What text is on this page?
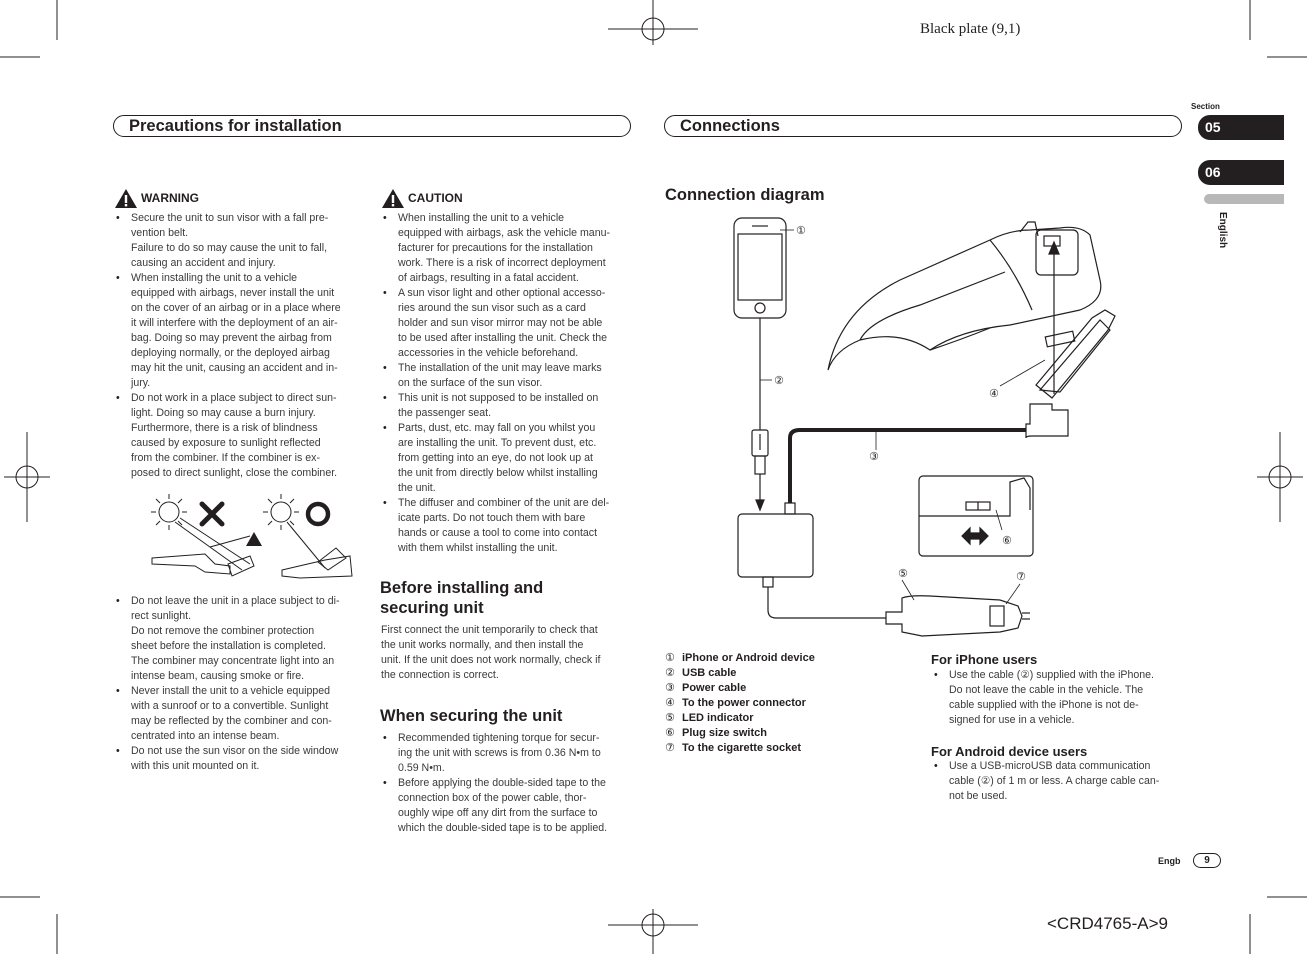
Black plate (9,1)
<CRD4765-A>9
Precautions for installation	Connections
Section
05
06
English
WARNING
• Secure the unit to sun visor with a fall pre-
vention belt.
Failure to do so may cause the unit to fall,
causing an accident and injury.
• When installing the unit to a vehicle
equipped with airbags, never install the unit
on the cover of an airbag or in a place where
it will interfere with the deployment of an air-
bag. Doing so may prevent the airbag from
deploying normally, or the deployed airbag
may hit the unit, causing an accident and in-
jury.
• Do not work in a place subject to direct sun-
light. Doing so may cause a burn injury.
Furthermore, there is a risk of blindness
caused by exposure to sunlight reflected
from the combiner. If the combiner is ex-
posed to direct sunlight, close the combiner.
• Do not leave the unit in a place subject to di-
rect sunlight.
Do not remove the combiner protection
sheet before the installation is completed.
The combiner may concentrate light into an
intense beam, causing smoke or fire.
• Never install the unit to a vehicle equipped
with a sunroof or to a convertible. Sunlight
may be reflected by the combiner and con-
centrated into an intense beam.
• Do not use the sun visor on the side window
with this unit mounted on it.
CAUTION
• When installing the unit to a vehicle
equipped with airbags, ask the vehicle manu-
facturer for precautions for the installation
work. There is a risk of incorrect deployment
of airbags, resulting in a fatal accident.
• A sun visor light and other optional accesso-
ries around the sun visor such as a card
holder and sun visor mirror may not be able
to be used after installing the unit. Check the
accessories in the vehicle beforehand.
• The installation of the unit may leave marks
on the surface of the sun visor.
• This unit is not supposed to be installed on
the passenger seat.
• Parts, dust, etc. may fall on you whilst you
are installing the unit. To prevent dust, etc.
from getting into an eye, do not look up at
the unit from directly below whilst installing
the unit.
• The diffuser and combiner of the unit are del-
icate parts. Do not touch them with bare
hands or cause a tool to come into contact
with them whilst installing the unit.
Before installing and
securing unit
First connect the unit temporarily to check that
the unit works normally, and then install the
unit. If the unit does not work normally, check if
the connection is correct.
When securing the unit
• Recommended tightening torque for secur-
ing the unit with screws is from 0.36 N•m to
0.59 N•m.
• Before applying the double-sided tape to the
connection box of the power cable, thor-
oughly wipe off any dirt from the surface to
which the double-sided tape is to be applied.
Connection diagram
①
②
③
④
⑤
⑥
⑦
① iPhone or Android device
② USB cable
③ Power cable
④ To the power connector
⑤ LED indicator
⑥ Plug size switch
⑦ To the cigarette socket
For iPhone users
• Use the cable (②) supplied with the iPhone.
Do not leave the cable in the vehicle. The
cable supplied with the iPhone is not de-
signed for use in a vehicle.
For Android device users
• Use a USB-microUSB data communication
cable (②) of 1 m or less. A charge cable can-
not be used.
Engb	9
